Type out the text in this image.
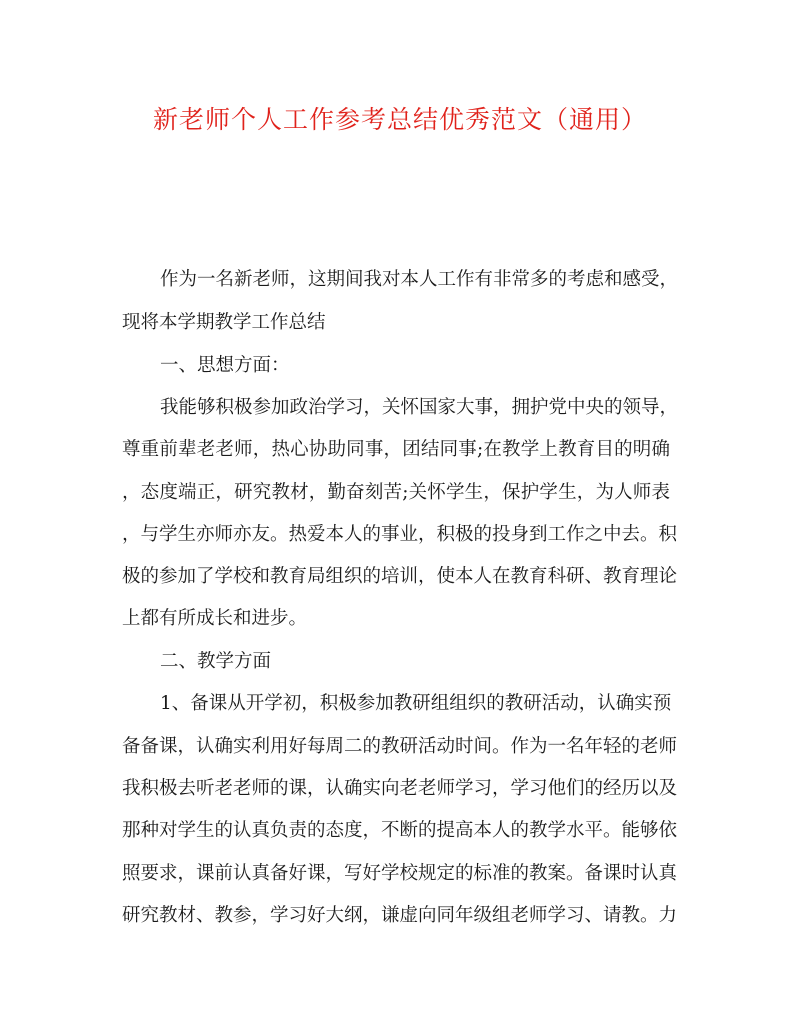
新老师个人工作参考总结优秀范文（通用）
作为一名新老师，这期间我对本人工作有非常多的考虑和感受，
现将本学期教学工作总结
一、思想方面：
我能够积极参加政治学习，关怀国家大事，拥护党中央的领导，
尊重前辈老老师，热心协助同事，团结同事;在教学上教育目的明确
，态度端正，研究教材，勤奋刻苦;关怀学生，保护学生，为人师表
，与学生亦师亦友。热爱本人的事业，积极的投身到工作之中去。积
极的参加了学校和教育局组织的培训，使本人在教育科研、教育理论
上都有所成长和进步。
二、教学方面
1、备课从开学初，积极参加教研组组织的教研活动，认确实预
备备课，认确实利用好每周二的教研活动时间。作为一名年轻的老师
我积极去听老老师的课，认确实向老老师学习，学习他们的经历以及
那种对学生的认真负责的态度，不断的提高本人的教学水平。能够依
照要求，课前认真备好课，写好学校规定的标准的教案。备课时认真
研究教材、教参，学习好大纲，谦虚向同年级组老师学习、请教。力
